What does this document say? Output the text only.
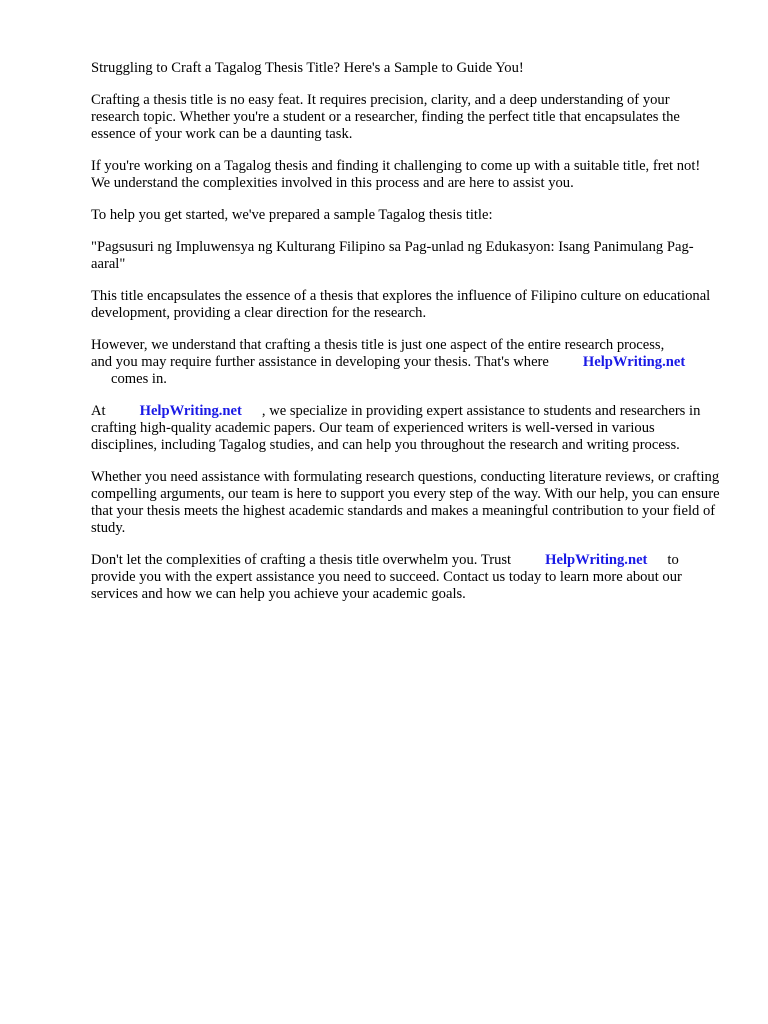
Struggling to Craft a Tagalog Thesis Title? Here's a Sample to Guide You!

Crafting a thesis title is no easy feat. It requires precision, clarity, and a deep understanding of your research topic. Whether you're a student or a researcher, finding the perfect title that encapsulates the essence of your work can be a daunting task.

If you're working on a Tagalog thesis and finding it challenging to come up with a suitable title, fret not! We understand the complexities involved in this process and are here to assist you.

To help you get started, we've prepared a sample Tagalog thesis title:

"Pagsusuri ng Impluwensya ng Kulturang Filipino sa Pag-unlad ng Edukasyon: Isang Panimulang Pag-aaral"

This title encapsulates the essence of a thesis that explores the influence of Filipino culture on educational development, providing a clear direction for the research.

However, we understand that crafting a thesis title is just one aspect of the entire research process,
and you may require further assistance in developing your thesis. That's where HelpWriting.net
comes in.

At HelpWriting.net , we specialize in providing expert assistance to students and researchers in crafting high-quality academic papers. Our team of experienced writers is well-versed in various disciplines, including Tagalog studies, and can help you throughout the research and writing process.

Whether you need assistance with formulating research questions, conducting literature reviews, or crafting compelling arguments, our team is here to support you every step of the way. With our help, you can ensure that your thesis meets the highest academic standards and makes a meaningful contribution to your field of study.

Don't let the complexities of crafting a thesis title overwhelm you. Trust HelpWriting.net to provide you with the expert assistance you need to succeed. Contact us today to learn more about our services and how we can help you achieve your academic goals.
